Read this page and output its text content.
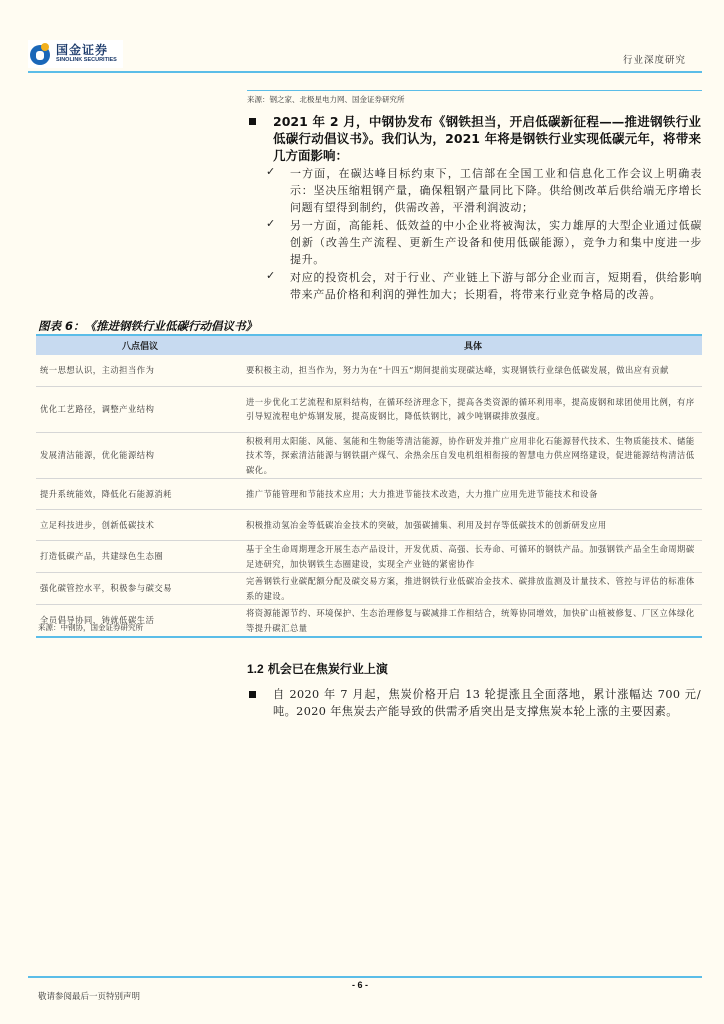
国金证券
SINOLINK SECURITIES	行业深度研究
来源：钢之家、北极星电力网、国金证券研究所

2021 年 2 月，中钢协发布《钢铁担当，开启低碳新征程——推进钢铁行业低碳行动倡议书》。我们认为，2021 年将是钢铁行业实现低碳元年，将带来几方面影响：

✓ 一方面，在碳达峰目标约束下，工信部在全国工业和信息化工作会议上明确表示：坚决压缩粗钢产量，确保粗钢产量同比下降。供给侧改革后供给端无序增长问题有望得到制约，供需改善，平滑利润波动；

✓ 另一方面，高能耗、低效益的中小企业将被淘汰，实力雄厚的大型企业通过低碳创新（改善生产流程、更新生产设备和使用低碳能源），竞争力和集中度进一步提升。

✓ 对应的投资机会，对于行业、产业链上下游与部分企业而言，短期看，供给影响带来产品价格和利润的弹性加大；长期看，将带来行业竞争格局的改善。

图表 6：《推进钢铁行业低碳行动倡议书》
八点倡议	具体
统一思想认识，主动担当作为	要积极主动，担当作为，努力为在“十四五”期间提前实现碳达峰，实现钢铁行业绿色低碳发展，做出应有贡献
优化工艺路径，调整产业结构	进一步优化工艺流程和原料结构，在循环经济理念下，提高各类资源的循环利用率，提高废钢和球团使用比例，有序引导短流程电炉炼钢发展，提高废钢比，降低铁钢比，减少吨钢碳排放强度。
发展清洁能源，优化能源结构	积极利用太阳能、风能、氢能和生物能等清洁能源，协作研发并推广应用非化石能源替代技术、生物质能技术、储能技术等，探索清洁能源与钢铁副产煤气、余热余压自发电机组相衔接的智慧电力供应网络建设，促进能源结构清洁低碳化。
提升系统能效，降低化石能源消耗	推广节能管理和节能技术应用；大力推进节能技术改造，大力推广应用先进节能技术和设备
立足科技进步，创新低碳技术	积极推动氢冶金等低碳冶金技术的突破，加强碳捕集、利用及封存等低碳技术的创新研发应用
打造低碳产品，共建绿色生态圈	基于全生命周期理念开展生态产品设计，开发优质、高强、长寿命、可循环的钢铁产品。加强钢铁产品全生命周期碳足迹研究，加快钢铁生态圈建设，实现全产业链的紧密协作
强化碳管控水平，积极参与碳交易	完善钢铁行业碳配额分配及碳交易方案，推进钢铁行业低碳冶金技术、碳排放监测及计量技术、管控与评估的标准体系的建设。
全员倡导协同，铸就低碳生活	将资源能源节约、环境保护、生态治理修复与碳减排工作相结合，统筹协同增效，加快矿山植被修复、厂区立体绿化等提升碳汇总量
来源：中钢协，国金证券研究所
1.2 机会已在焦炭行业上演

自 2020 年 7 月起，焦炭价格开启 13 轮提涨且全面落地，累计涨幅达 700 元/吨。2020 年焦炭去产能导致的供需矛盾突出是支撑焦炭本轮上涨的主要因素。

- 6 -
敬请参阅最后一页特别声明
